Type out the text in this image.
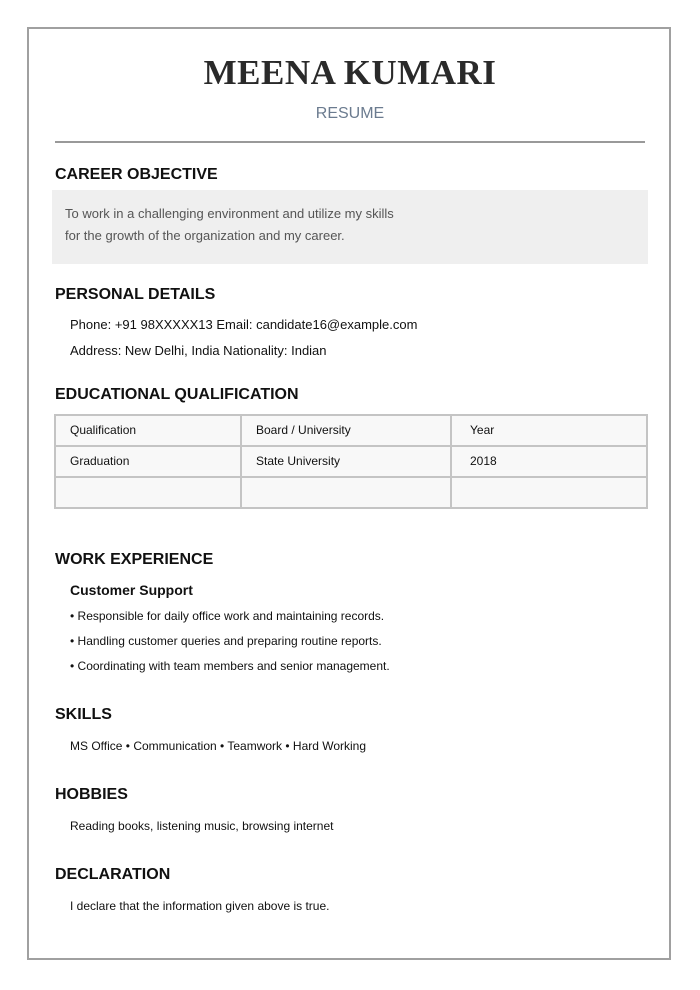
MEENA KUMARI
RESUME
CAREER OBJECTIVE
To work in a challenging environment and utilize my skills
for the growth of the organization and my career.
PERSONAL DETAILS
Phone: +91 98XXXXX13 Email: candidate16@example.com
Address: New Delhi, India Nationality: Indian
EDUCATIONAL QUALIFICATION
Qualification	Board / University	Year
Graduation	State University	2018

WORK EXPERIENCE
Customer Support
• Responsible for daily office work and maintaining records.
• Handling customer queries and preparing routine reports.
• Coordinating with team members and senior management.
SKILLS
MS Office • Communication • Teamwork • Hard Working
HOBBIES
Reading books, listening music, browsing internet
DECLARATION
I declare that the information given above is true.
